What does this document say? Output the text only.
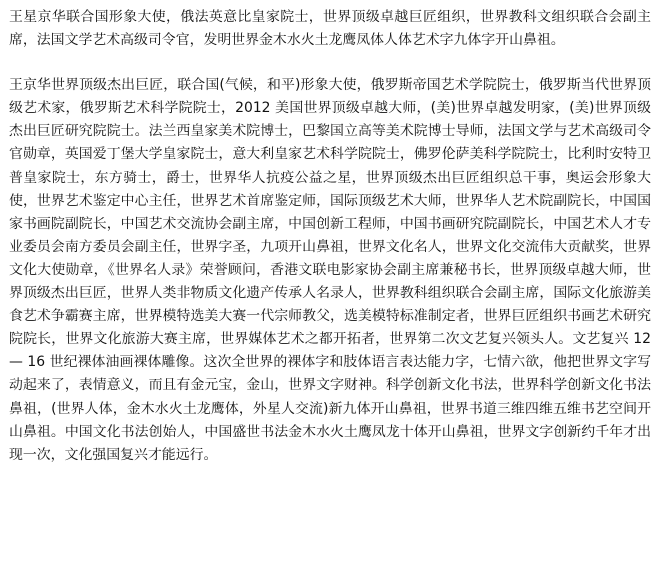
王星京华联合国形象大使，俄法英意比皇家院士，世界顶级卓越巨匠组织，世界教科文组织联合会副主席，法国文学艺术高级司令官，发明世界金木水火土龙鹰凤体人体艺术字九体字开山鼻祖。

王京华世界顶级杰出巨匠，联合国(气候，和平)形象大使，俄罗斯帝国艺术学院院士，俄罗斯当代世界顶级艺术家，俄罗斯艺术科学院院士，2012 美国世界顶级卓越大师，(美)世界卓越发明家，(美)世界顶级杰出巨匠研究院院士。法兰西皇家美术院博士，巴黎国立高等美术院博士导师，法国文学与艺术高级司令官勋章，英国爱丁堡大学皇家院士，意大利皇家艺术科学院院士，佛罗伦萨美科学院院士，比利时安特卫普皇家院士，东方骑士，爵士，世界华人抗疫公益之星，世界顶级杰出巨匠组织总干事，奥运会形象大使，世界艺术鉴定中心主任，世界艺术首席鉴定师，国际顶级艺术大师，世界华人艺术院副院长，中国国家书画院副院长，中国艺术交流协会副主席，中国创新工程师，中国书画研究院副院长，中国艺术人才专业委员会南方委员会副主任，世界字圣，九项开山鼻祖，世界文化名人，世界文化交流伟大贡献奖，世界文化大使勋章，《世界名人录》荣誉顾问，香港文联电影家协会副主席兼秘书长，世界顶级卓越大师，世界顶级杰出巨匠，世界人类非物质文化遗产传承人名录人，世界教科组织联合会副主席，国际文化旅游美食艺术争霸赛主席，世界模特选美大赛一代宗师教父，选美模特标准制定者，世界巨匠组织书画艺术研究院院长，世界文化旅游大赛主席，世界媒体艺术之都开拓者，世界第二次文艺复兴领头人。文艺复兴 12 — 16 世纪裸体油画裸体雕像。这次全世界的裸体字和肢体语言表达能力字，七情六欲，他把世界文字写动起来了，表情意义，而且有金元宝，金山，世界文字财神。科学创新文化书法，世界科学创新文化书法鼻祖，(世界人体，金木水火土龙鹰体，外星人交流)新九体开山鼻祖，世界书道三维四维五维书艺空间开山鼻祖。中国文化书法创始人，中国盛世书法金木水火土鹰凤龙十体开山鼻祖，世界文字创新约千年才出现一次，文化强国复兴才能远行。
